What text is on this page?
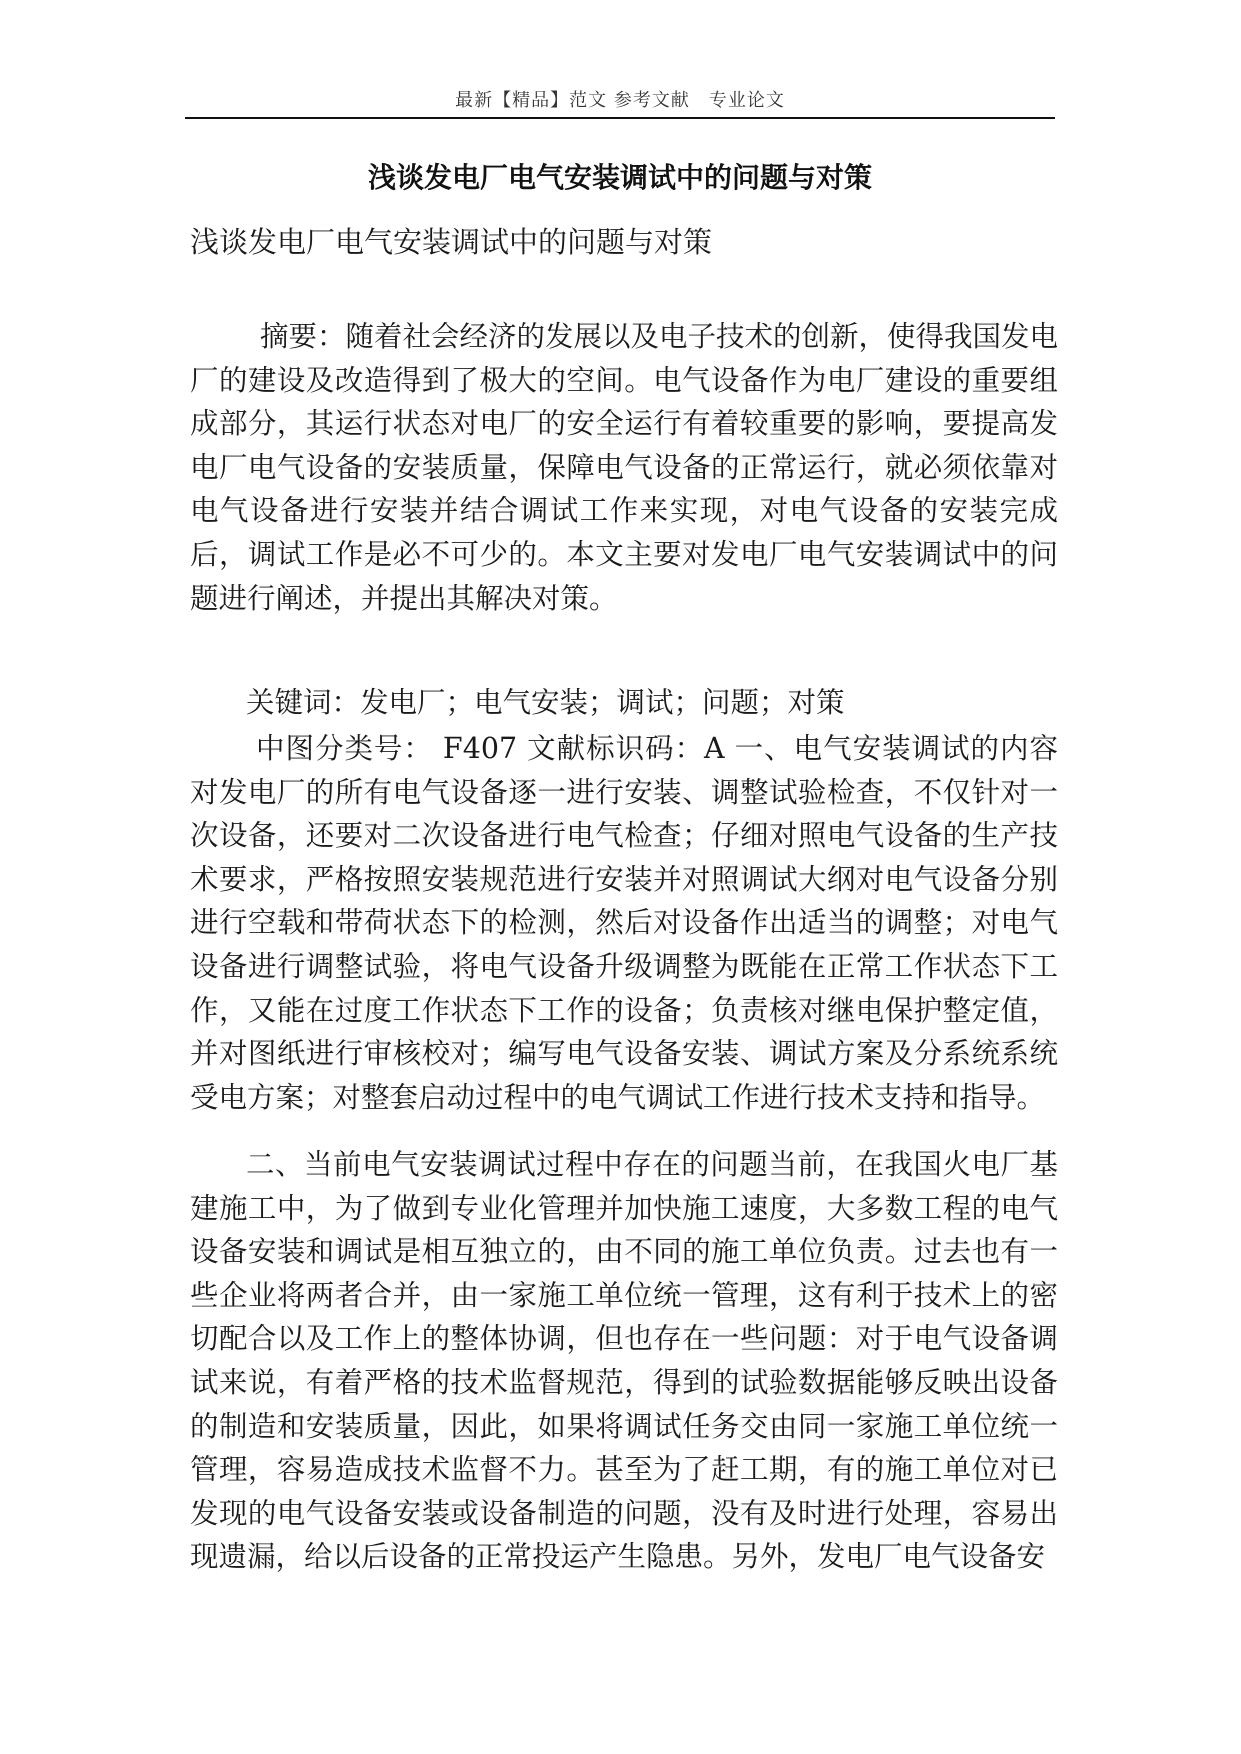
最新【精品】范文 参考文献　专业论文
浅谈发电厂电气安装调试中的问题与对策
浅谈发电厂电气安装调试中的问题与对策

摘要：随着社会经济的发展以及电子技术的创新，使得我国发电厂的建设及改造得到了极大的空间。电气设备作为电厂建设的重要组成部分，其运行状态对电厂的安全运行有着较重要的影响，要提高发电厂电气设备的安装质量，保障电气设备的正常运行，就必须依靠对电气设备进行安装并结合调试工作来实现，对电气设备的安装完成后，调试工作是必不可少的。本文主要对发电厂电气安装调试中的问题进行阐述，并提出其解决对策。

关键词：发电厂；电气安装；调试；问题；对策

中图分类号： F407 文献标识码：A 一、电气安装调试的内容 对发电厂的所有电气设备逐一进行安装、调整试验检查，不仅针对一次设备，还要对二次设备进行电气检查；仔细对照电气设备的生产技术要求，严格按照安装规范进行安装并对照调试大纲对电气设备分别进行空载和带荷状态下的检测，然后对设备作出适当的调整；对电气设备进行调整试验，将电气设备升级调整为既能在正常工作状态下工作，又能在过度工作状态下工作的设备；负责核对继电保护整定值，并对图纸进行审核校对；编写电气设备安装、调试方案及分系统系统受电方案；对整套启动过程中的电气调试工作进行技术支持和指导。

二、当前电气安装调试过程中存在的问题当前，在我国火电厂基建施工中，为了做到专业化管理并加快施工速度，大多数工程的电气设备安装和调试是相互独立的，由不同的施工单位负责。过去也有一些企业将两者合并，由一家施工单位统一管理，这有利于技术上的密切配合以及工作上的整体协调，但也存在一些问题：对于电气设备调试来说，有着严格的技术监督规范，得到的试验数据能够反映出设备的制造和安装质量，因此，如果将调试任务交由同一家施工单位统一管理，容易造成技术监督不力。甚至为了赶工期，有的施工单位对已发现的电气设备安装或设备制造的问题，没有及时进行处理，容易出现遗漏，给以后设备的正常投运产生隐患。另外，发电厂电气设备安
